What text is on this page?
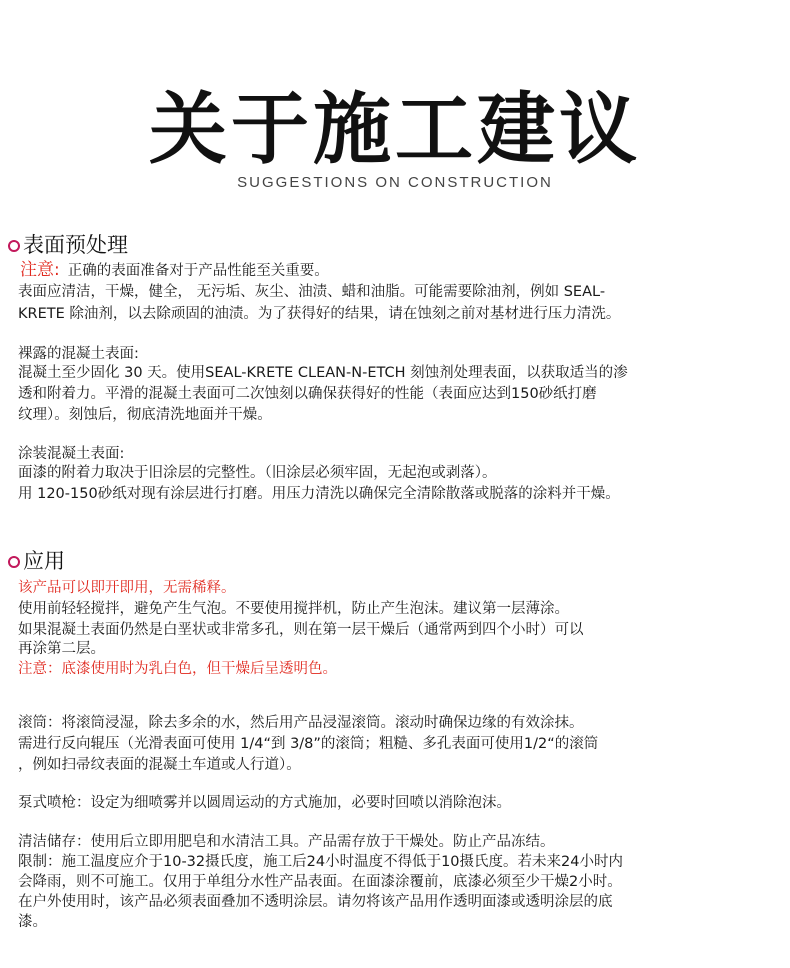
关于施工建议
SUGGESTIONS ON CONSTRUCTION
表面预处理
注意: 正确的表面准备对于产品性能至关重要。
表面应清洁，干燥，健全， 无污垢、灰尘、油渍、蜡和油脂。可能需要除油剂，例如 SEAL-
KRETE 除油剂，以去除顽固的油渍。为了获得好的结果，请在蚀刻之前对基材进行压力清洗。
裸露的混凝土表面:
混凝土至少固化 30 天。使用SEAL-KRETE CLEAN-N-ETCH 刻蚀剂处理表面，以获取适当的渗
透和附着力。平滑的混凝土表面可二次蚀刻以确保获得好的性能（表面应达到150砂纸打磨
纹理）。刻蚀后，彻底清洗地面并干燥。
涂装混凝土表面:
面漆的附着力取决于旧涂层的完整性。（旧涂层必须牢固，无起泡或剥落）。
用 120-150砂纸对现有涂层进行打磨。用压力清洗以确保完全清除散落或脱落的涂料并干燥。
应用
该产品可以即开即用，无需稀释。
使用前轻轻搅拌，避免产生气泡。不要使用搅拌机，防止产生泡沫。建议第一层薄涂。
如果混凝土表面仍然是白垩状或非常多孔，则在第一层干燥后（通常两到四个小时）可以
再涂第二层。
注意：底漆使用时为乳白色，但干燥后呈透明色。
滚筒：将滚筒浸湿，除去多余的水，然后用产品浸湿滚筒。滚动时确保边缘的有效涂抹。
需进行反向辊压（光滑表面可使用 1/4“到 3/8”的滚筒；粗糙、多孔表面可使用1/2“的滚筒
，例如扫帚纹表面的混凝土车道或人行道）。
泵式喷枪：设定为细喷雾并以圆周运动的方式施加，必要时回喷以消除泡沫。
清洁储存：使用后立即用肥皂和水清洁工具。产品需存放于干燥处。防止产品冻结。
限制：施工温度应介于10-32摄氏度，施工后24小时温度不得低于10摄氏度。若未来24小时内
会降雨，则不可施工。仅用于单组分水性产品表面。在面漆涂覆前，底漆必须至少干燥2小时。
在户外使用时，该产品必须表面叠加不透明涂层。请勿将该产品用作透明面漆或透明涂层的底
漆。
